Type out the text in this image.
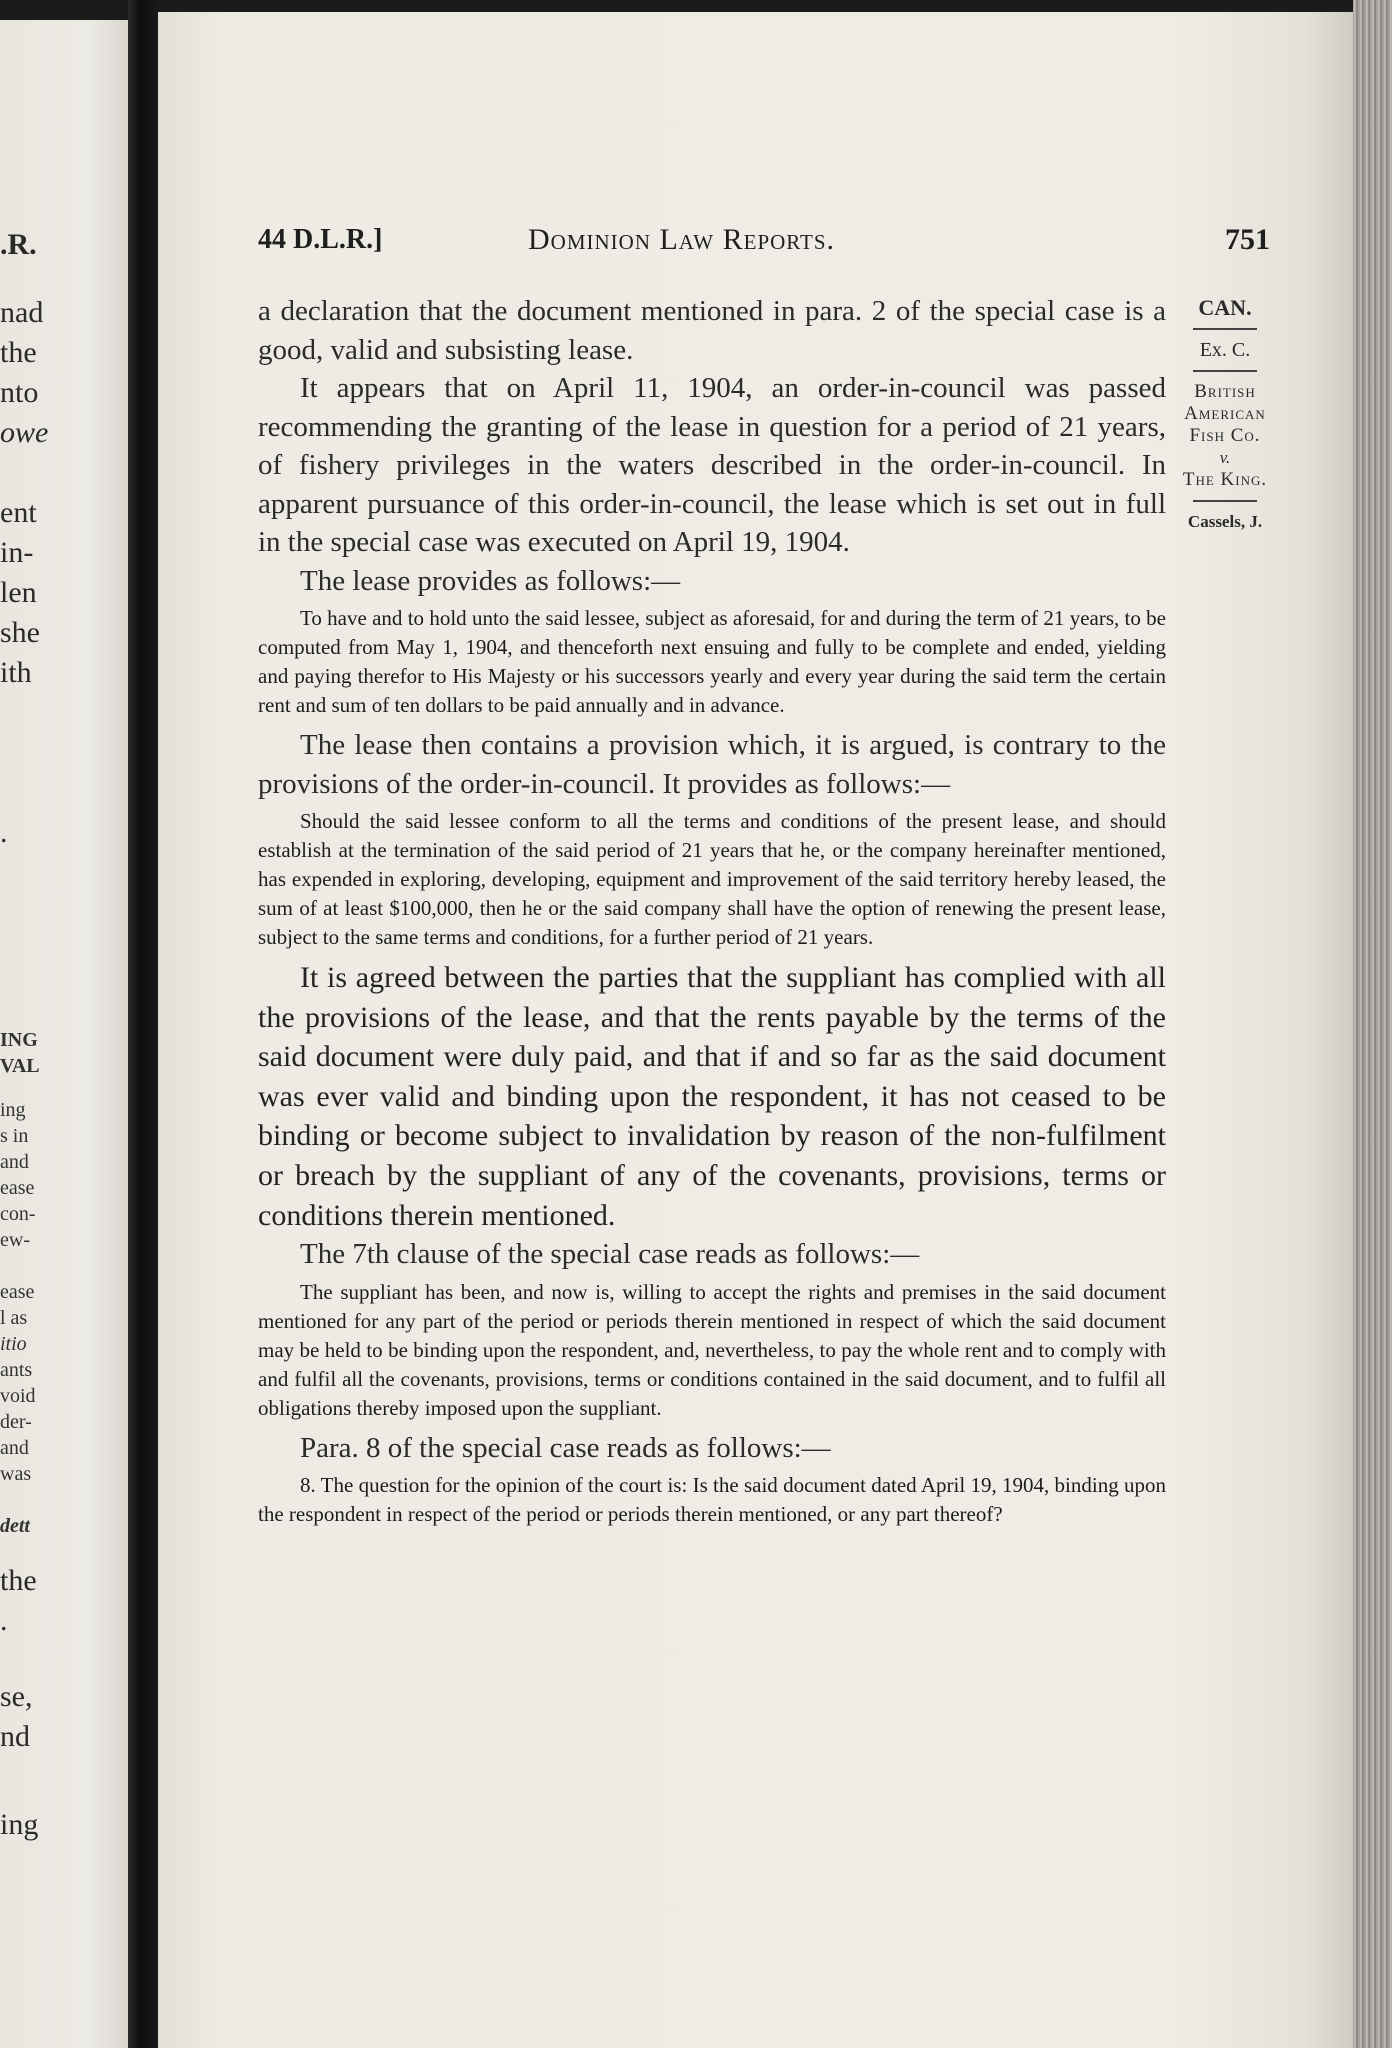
.R.
nad
the
nto
owe
ent
in-
len
she
ith
.
ING
VAL
ing
s in
and
ease
con-
ew-
ease
l as
itio
ants
void
der-
and
was
dett
the
.
se,
nd
ing
44 D.L.R.]	Dominion Law Reports.	751

a declaration that the document mentioned in para. 2 of the special case is a good, valid and subsisting lease.

It appears that on April 11, 1904, an order-in-council was passed recommending the granting of the lease in question for a period of 21 years, of fishery privileges in the waters described in the order-in-council. In apparent pursuance of this order-in-council, the lease which is set out in full in the special case was executed on April 19, 1904.

The lease provides as follows:—

To have and to hold unto the said lessee, subject as aforesaid, for and during the term of 21 years, to be computed from May 1, 1904, and thenceforth next ensuing and fully to be complete and ended, yielding and paying therefor to His Majesty or his successors yearly and every year during the said term the certain rent and sum of ten dollars to be paid annually and in advance.

The lease then contains a provision which, it is argued, is contrary to the provisions of the order-in-council. It provides as follows:—

Should the said lessee conform to all the terms and conditions of the present lease, and should establish at the termination of the said period of 21 years that he, or the company hereinafter mentioned, has expended in exploring, developing, equipment and improvement of the said territory hereby leased, the sum of at least $100,000, then he or the said company shall have the option of renewing the present lease, subject to the same terms and conditions, for a further period of 21 years.

It is agreed between the parties that the suppliant has complied with all the provisions of the lease, and that the rents payable by the terms of the said document were duly paid, and that if and so far as the said document was ever valid and binding upon the respondent, it has not ceased to be binding or become subject to invalidation by reason of the non-fulfilment or breach by the suppliant of any of the covenants, provisions, terms or conditions therein mentioned.

The 7th clause of the special case reads as follows:—

The suppliant has been, and now is, willing to accept the rights and premises in the said document mentioned for any part of the period or periods therein mentioned in respect of which the said document may be held to be binding upon the respondent, and, nevertheless, to pay the whole rent and to comply with and fulfil all the covenants, provisions, terms or conditions contained in the said document, and to fulfil all obligations thereby imposed upon the suppliant.

Para. 8 of the special case reads as follows:—

8. The question for the opinion of the court is: Is the said document dated April 19, 1904, binding upon the respondent in respect of the period or periods therein mentioned, or any part thereof?

CAN.
Ex. C.
British
American
Fish Co.
v.
The King.
Cassels, J.
